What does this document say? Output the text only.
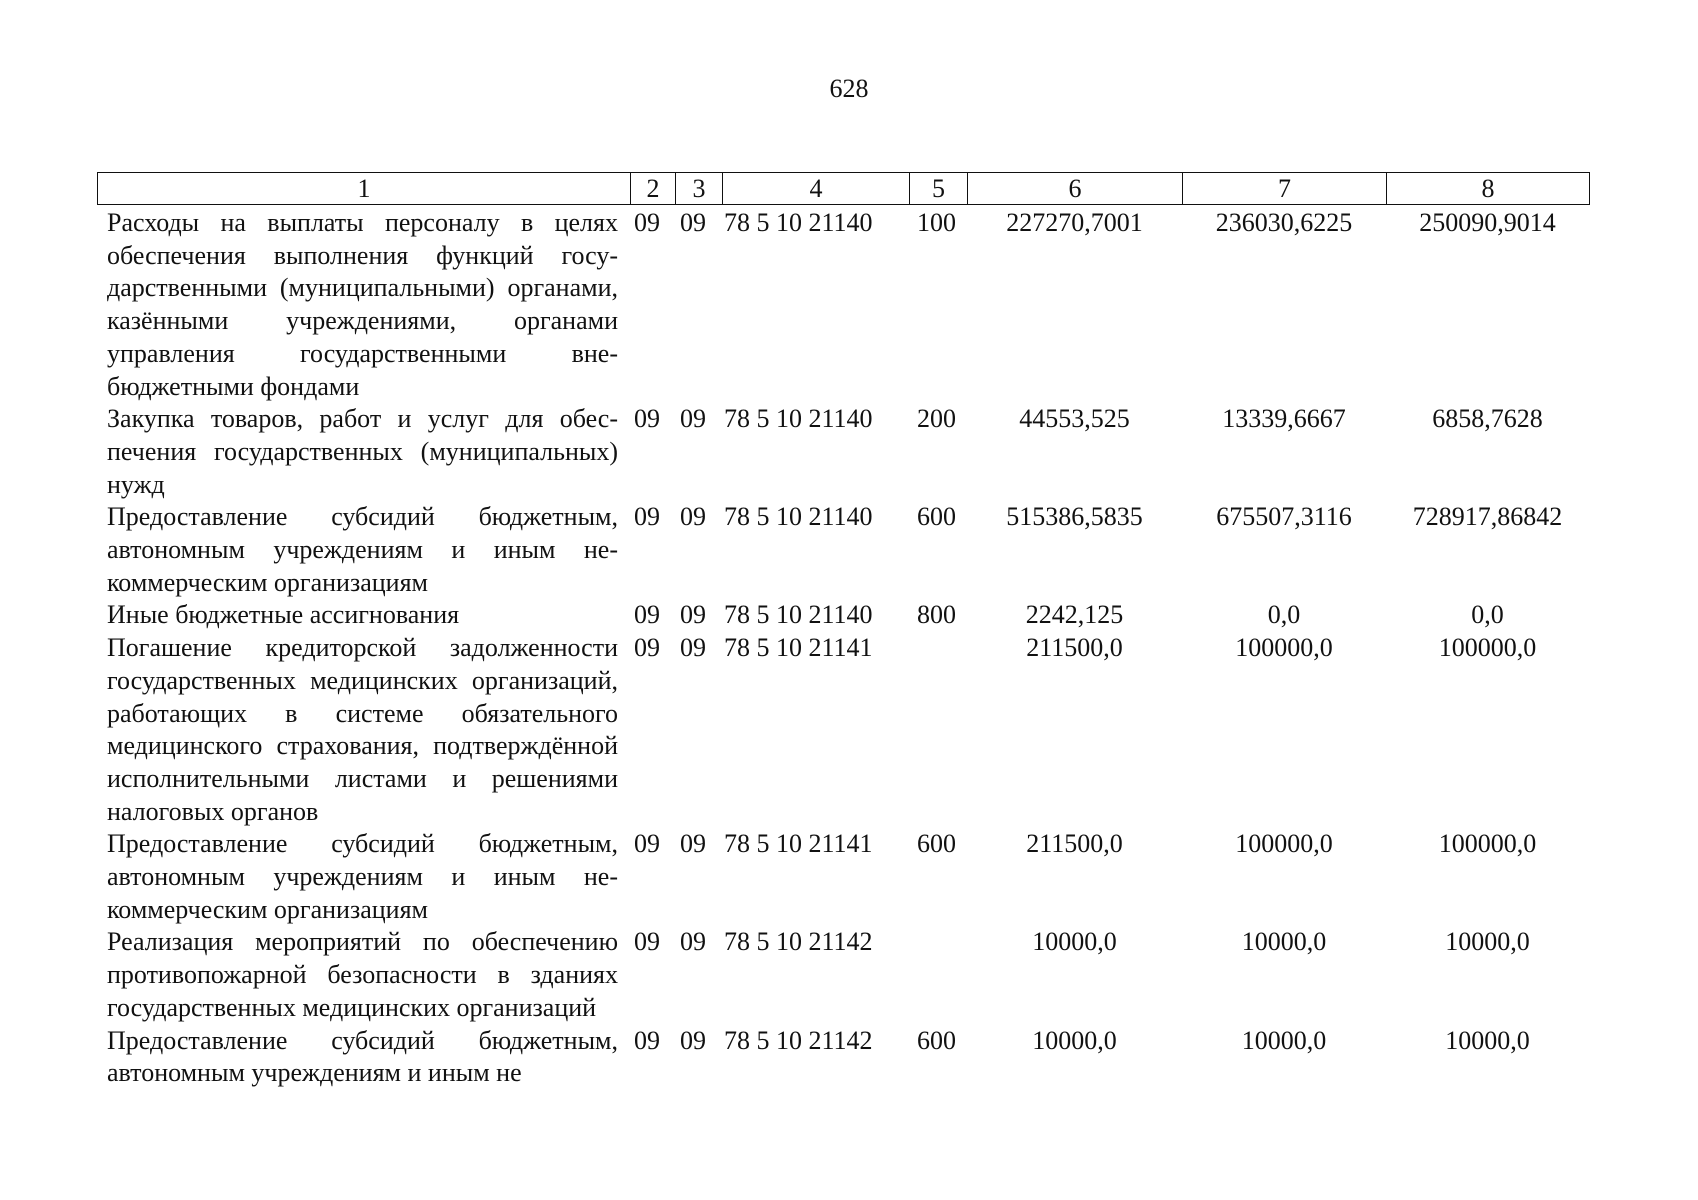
628
1	2	3	4	5	6	7	8
Расходы на выплаты персоналу в целях обеспечения выполнения функций государственными (муниципальными) органами, казёнными учреждениями, органами управления государственными внебюджетными фондами	09	09	78 5 10 21140	100	227270,7001	236030,6225	250090,9014
Закупка товаров, работ и услуг для обеспечения государственных (муниципальных) нужд	09	09	78 5 10 21140	200	44553,525	13339,6667	6858,7628
Предоставление субсидий бюджетным, автономным учреждениям и иным некоммерческим организациям	09	09	78 5 10 21140	600	515386,5835	675507,3116	728917,86842
Иные бюджетные ассигнования	09	09	78 5 10 21140	800	2242,125	0,0	0,0
Погашение кредиторской задолженности государственных медицинских организаций, работающих в системе обязательного медицинского страхования, подтверждённой исполнительными листами и решениями налоговых органов	09	09	78 5 10 21141		211500,0	100000,0	100000,0
Предоставление субсидий бюджетным, автономным учреждениям и иным некоммерческим организациям	09	09	78 5 10 21141	600	211500,0	100000,0	100000,0
Реализация мероприятий по обеспечению противопожарной безопасности в зданиях государственных медицинских организаций	09	09	78 5 10 21142		10000,0	10000,0	10000,0
Предоставление субсидий бюджетным, автономным учреждениям и иным не	09	09	78 5 10 21142	600	10000,0	10000,0	10000,0
